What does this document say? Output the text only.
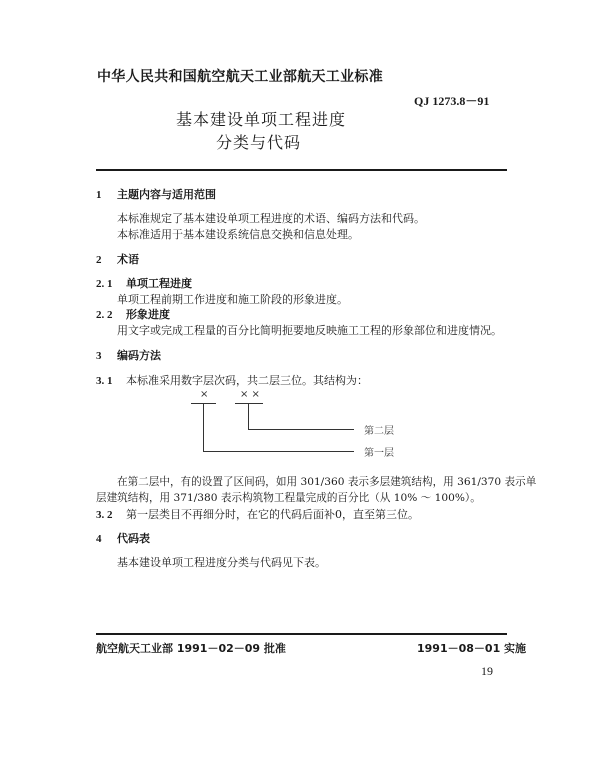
中华人民共和国航空航天工业部航天工业标准
QJ 1273.8－91
基本建设单项工程进度
分类与代码
1 主题内容与适用范围
本标准规定了基本建设单项工程进度的术语、编码方法和代码。
本标准适用于基本建设系统信息交换和信息处理。
2 术语
2. 1 单项工程进度
单项工程前期工作进度和施工阶段的形象进度。
2. 2 形象进度
用文字或完成工程量的百分比简明扼要地反映施工工程的形象部位和进度情况。
3 编码方法
3. 1 本标准采用数字层次码，共二层三位。其结构为：
×	× ×
第二层
第一层
在第二层中，有的设置了区间码，如用 301/360 表示多层建筑结构，用 361/370 表示单
层建筑结构，用 371/380 表示构筑物工程量完成的百分比（从 10% ～ 100%）。
3. 2 第一层类目不再细分时，在它的代码后面补0，直至第三位。
4 代码表
基本建设单项工程进度分类与代码见下表。
航空航天工业部 1991－02－09 批准	1991－08－01 实施
19
